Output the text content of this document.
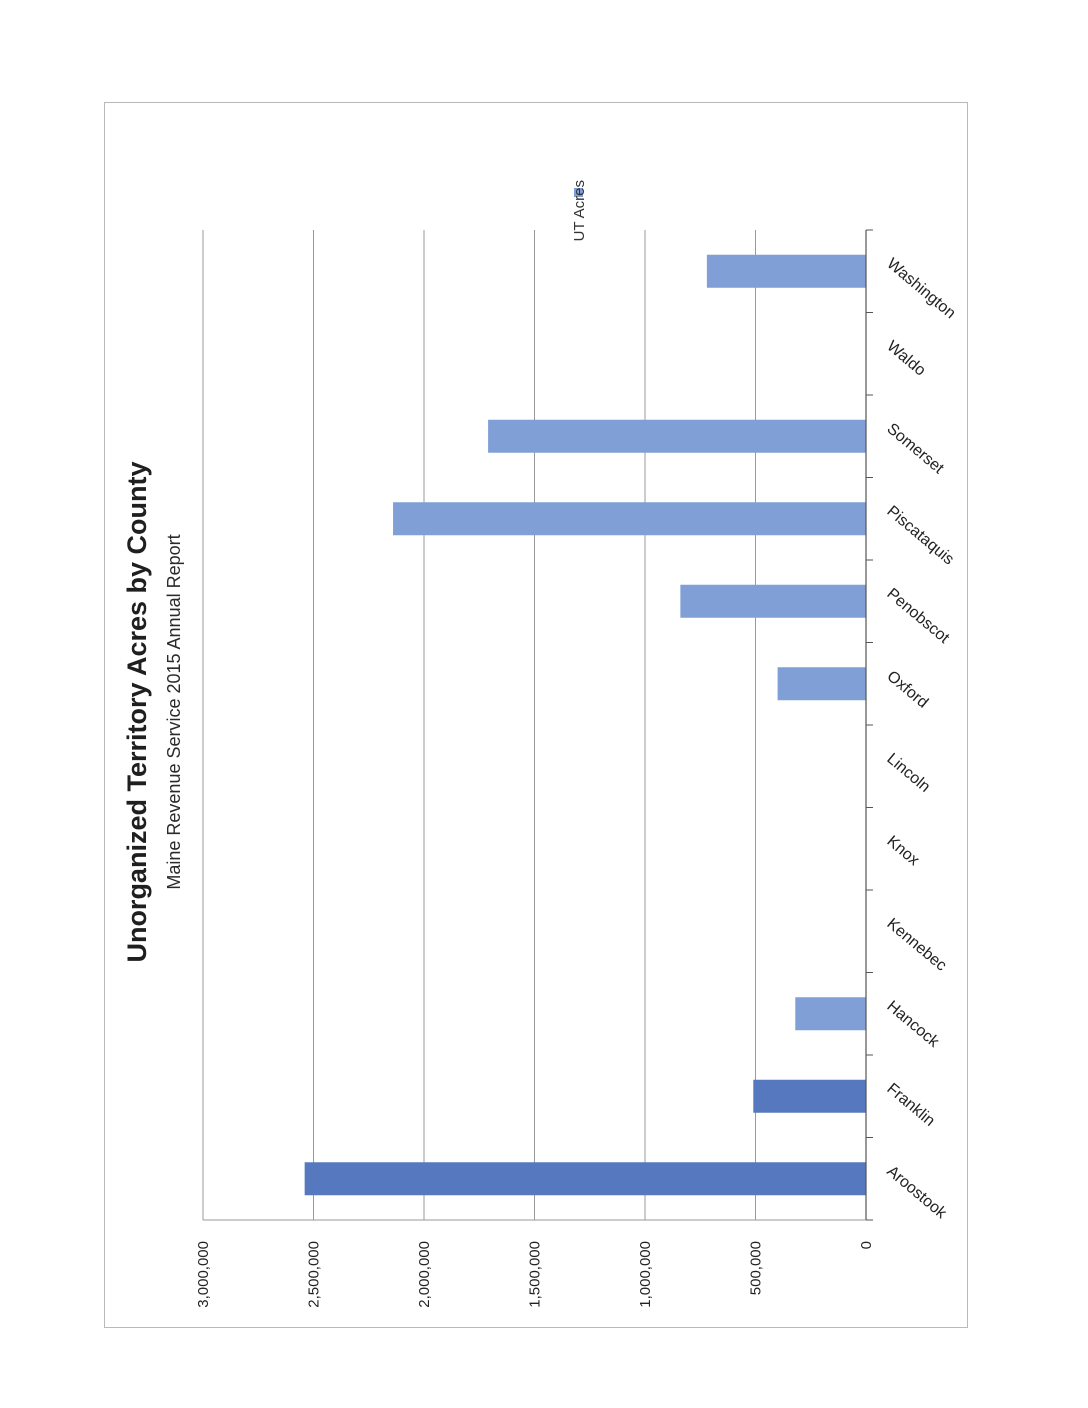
Unorganized Territory Acres by County Maine Revenue Service 2015 Annual Report
0
500,000
1,000,000
1,500,000
2,000,000
2,500,000
3,000,000
Aroostook
Franklin
Hancock
Kennebec
Knox
Lincoln
Oxford
Penobscot
Piscataquis
Somerset
Waldo
Washington
UT Acres
